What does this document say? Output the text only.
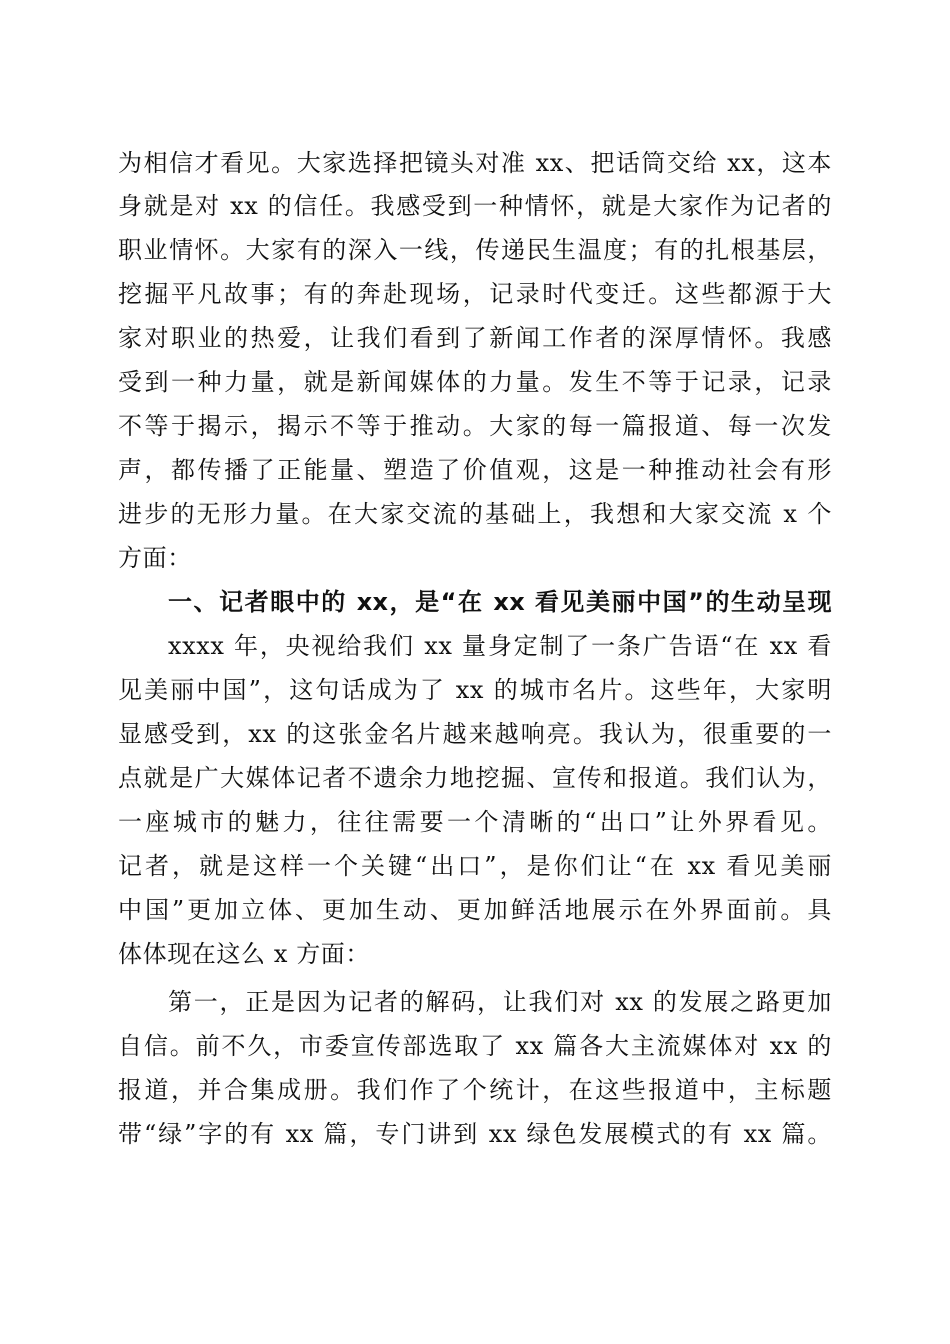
为相信才看见。大家选择把镜头对准 xx、把话筒交给 xx，这本
身就是对 xx 的信任。我感受到一种情怀，就是大家作为记者的
职业情怀。大家有的深入一线，传递民生温度；有的扎根基层，
挖掘平凡故事；有的奔赴现场，记录时代变迁。这些都源于大
家对职业的热爱，让我们看到了新闻工作者的深厚情怀。我感
受到一种力量，就是新闻媒体的力量。发生不等于记录，记录
不等于揭示，揭示不等于推动。大家的每一篇报道、每一次发
声，都传播了正能量、塑造了价值观，这是一种推动社会有形
进步的无形力量。在大家交流的基础上，我想和大家交流 x 个
方面：
一、记者眼中的 xx，是“在 xx 看见美丽中国”的生动呈现
xxxx 年，央视给我们 xx 量身定制了一条广告语“在 xx 看
见美丽中国”，这句话成为了 xx 的城市名片。这些年，大家明
显感受到，xx 的这张金名片越来越响亮。我认为，很重要的一
点就是广大媒体记者不遗余力地挖掘、宣传和报道。我们认为，
一座城市的魅力，往往需要一个清晰的“出口”让外界看见。
记者，就是这样一个关键“出口”，是你们让“在 xx 看见美丽
中国”更加立体、更加生动、更加鲜活地展示在外界面前。具
体体现在这么 x 方面：
第一，正是因为记者的解码，让我们对 xx 的发展之路更加
自信。前不久，市委宣传部选取了 xx 篇各大主流媒体对 xx 的
报道，并合集成册。我们作了个统计，在这些报道中，主标题
带“绿”字的有 xx 篇，专门讲到 xx 绿色发展模式的有 xx 篇。
